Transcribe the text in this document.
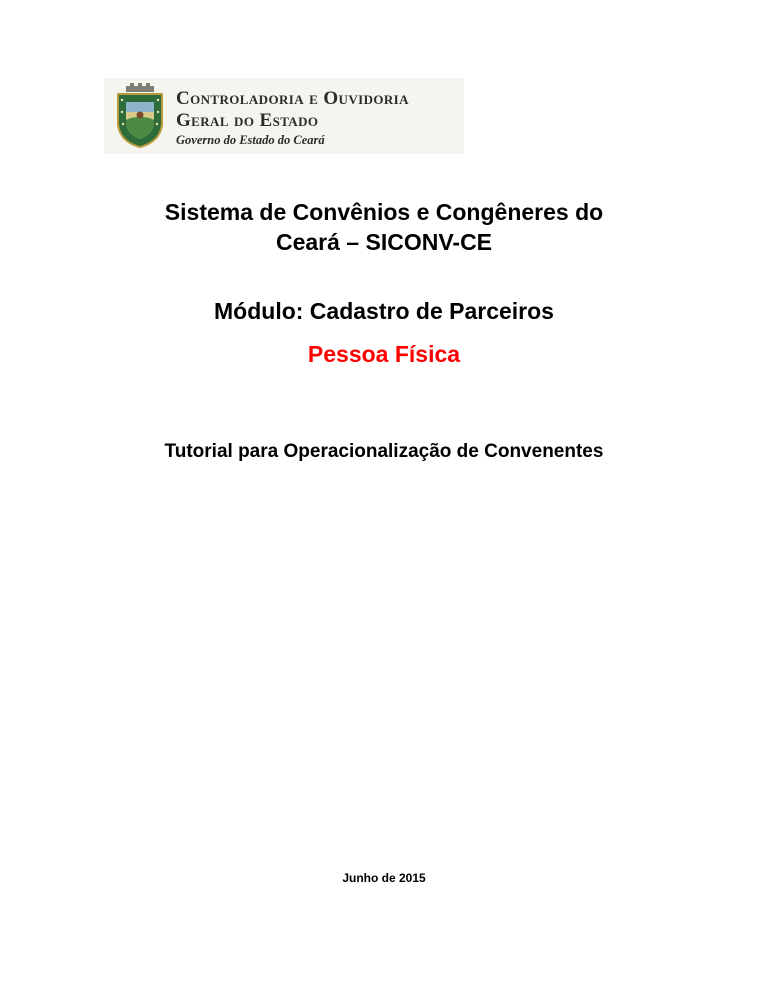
Controladoria e Ouvidoria
Geral do Estado
Governo do Estado do Ceará
Sistema de Convênios e Congêneres do
Ceará – SICONV-CE
Módulo: Cadastro de Parceiros
Pessoa Física
Tutorial para Operacionalização de Convenentes
Junho de 2015
